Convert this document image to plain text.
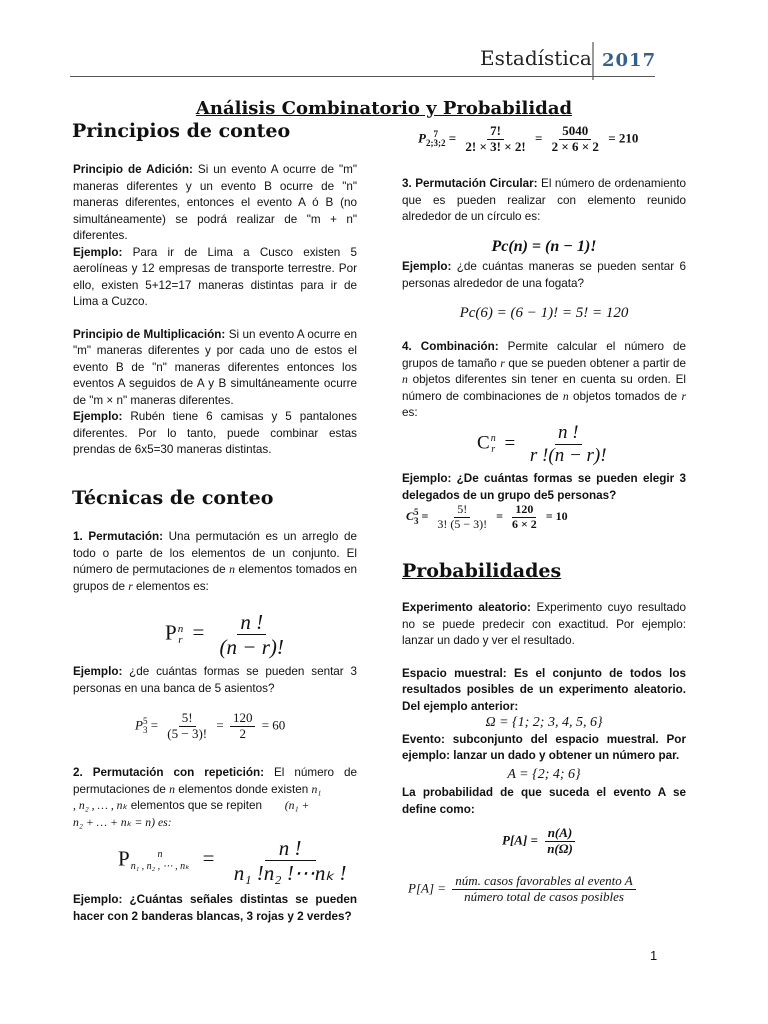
Estadística 2017
Análisis Combinatorio y Probabilidad
Principios de conteo

Principio de Adición: Si un evento A ocurre de "m" maneras diferentes y un evento B ocurre de "n" maneras diferentes, entonces el evento A ó B (no simultáneamente) se podrá realizar de "m + n" diferentes.

Ejemplo: Para ir de Lima a Cusco existen 5 aerolíneas y 12 empresas de transporte terrestre. Por ello, existen 5+12=17 maneras distintas para ir de Lima a Cuzco.

Principio de Multiplicación: Si un evento A ocurre en "m" maneras diferentes y por cada uno de estos el evento B de "n" maneras diferentes entonces los eventos A seguidos de A y B simultáneamente ocurre de "m × n" maneras diferentes.

Ejemplo: Rubén tiene 6 camisas y 5 pantalones diferentes. Por lo tanto, puede combinar estas prendas de 6x5=30 maneras distintas.

Técnicas de conteo

1. Permutación: Una permutación es un arreglo de todo o parte de los elementos de un conjunto. El número de permutaciones de n elementos tomados en grupos de r elementos es:

P n
$r = \frac{n !}{(n - r)!}$

Ejemplo: ¿de cuántas formas se pueden sentar 3 personas en una banca de 5 asientos?

P 5
$3 = \frac{5!}{(5 - 3)!} = \frac{120}{2} = 60$

2. Permutación con repetición: El número de permutaciones de n elementos donde existen n₁

, n₂ , … , nₖ elementos que se repiten (n₁ +

n₂ + … + nₖ = n) es:

P	n
n₁ , n₂ , ⋯ , $n_k = \frac{n !}{\text{n₁ !n₂ !⋯nₖ !}}$

Ejemplo: ¿Cuántas señales distintas se pueden hacer con 2 banderas blancas, 3 rojas y 2 verdes?

P 7
2;3;2 = $\frac{7!}{2! \times 3! \times 2!} = \frac{5040}{2 \times 6 \times 2} = 210$

3. Permutación Circular: El número de ordenamiento que es pueden realizar con elemento reunido alrededor de un círculo es:

Pc(n) = (n − 1)!

Ejemplo: ¿de cuántas maneras se pueden sentar 6 personas alrededor de una fogata?

Pc(6) = (6 − 1)! = 5! = 120

4. Combinación: Permite calcular el número de grupos de tamaño r que se pueden obtener a partir de n objetos diferentes sin tener en cuenta su orden. El número de combinaciones de n objetos tomados de r es:

C n
$r = \frac{n !}{r !(n - r)!}$

Ejemplo: ¿De cuántas formas se pueden elegir 3 delegados de un grupo de5 personas?

C 5
$3 = \frac{5!}{3! (5 - 3)!} = \frac{120}{6 \times 2} = 10$
Probabilidades

Experimento aleatorio: Experimento cuyo resultado no se puede predecir con exactitud. Por ejemplo: lanzar un dado y ver el resultado.

Espacio muestral: Es el conjunto de todos los resultados posibles de un experimento aleatorio. Del ejemplo anterior:

Ω = {1; 2; 3, 4, 5, 6}

Evento: subconjunto del espacio muestral. Por ejemplo: lanzar un dado y obtener un número par.

A = {2; 4; 6}

La probabilidad de que suceda el evento A se define como:

$P[A] = \frac{n(A)}{n(\Omega)}$
$P[A] = \frac{\text{núm. casos favorables al evento A}}{\text{número total de casos posibles}}$
1
